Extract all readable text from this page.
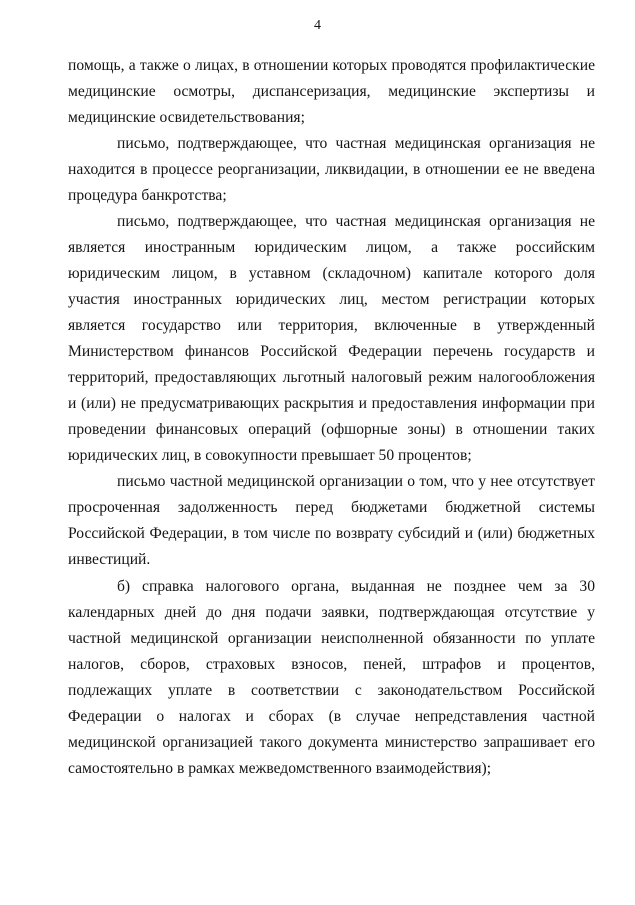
4
помощь, а также о лицах, в отношении которых проводятся профилактические
медицинские осмотры, диспансеризация, медицинские экспертизы и
медицинские освидетельствования;
письмо, подтверждающее, что частная медицинская организация не
находится в процессе реорганизации, ликвидации, в отношении ее не введена
процедура банкротства;
письмо, подтверждающее, что частная медицинская организация не
является иностранным юридическим лицом, а также российским
юридическим лицом, в уставном (складочном) капитале которого доля
участия иностранных юридических лиц, местом регистрации которых
является государство или территория, включенные в утвержденный
Министерством финансов Российской Федерации перечень государств и
территорий, предоставляющих льготный налоговый режим налогообложения
и (или) не предусматривающих раскрытия и предоставления информации при
проведении финансовых операций (офшорные зоны) в отношении таких
юридических лиц, в совокупности превышает 50 процентов;
письмо частной медицинской организации о том, что у нее отсутствует
просроченная задолженность перед бюджетами бюджетной системы
Российской Федерации, в том числе по возврату субсидий и (или) бюджетных
инвестиций.
б) справка налогового органа, выданная не позднее чем за 30
календарных дней до дня подачи заявки, подтверждающая отсутствие у
частной медицинской организации неисполненной обязанности по уплате
налогов, сборов, страховых взносов, пеней, штрафов и процентов,
подлежащих уплате в соответствии с законодательством Российской
Федерации о налогах и сборах (в случае непредставления частной
медицинской организацией такого документа министерство запрашивает его
самостоятельно в рамках межведомственного взаимодействия);
